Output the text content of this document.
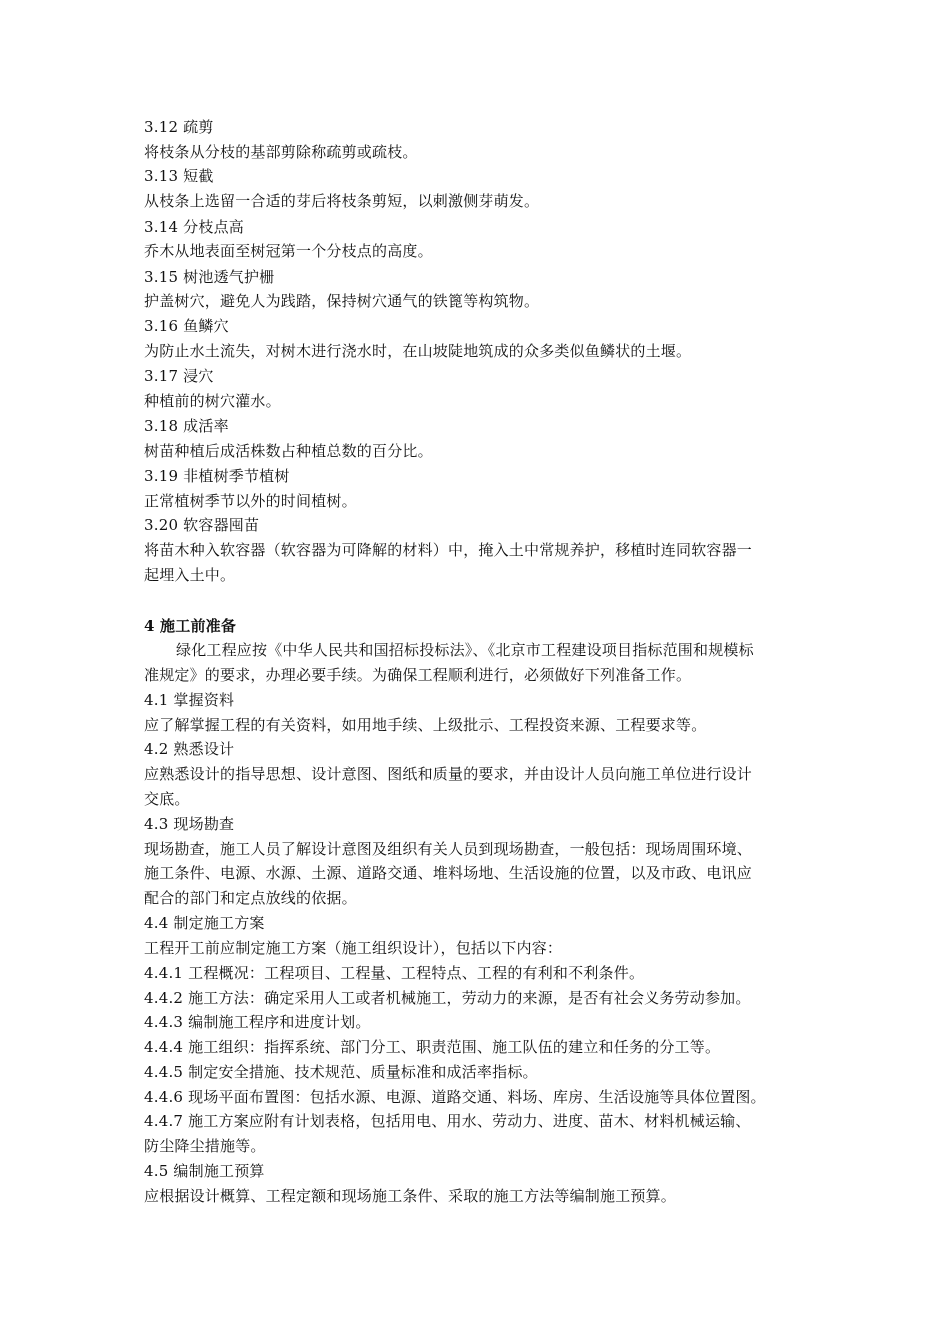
3.12 疏剪
将枝条从分枝的基部剪除称疏剪或疏枝。
3.13 短截
从枝条上选留一合适的芽后将枝条剪短，以刺激侧芽萌发。
3.14 分枝点高
乔木从地表面至树冠第一个分枝点的高度。
3.15 树池透气护栅
护盖树穴，避免人为践踏，保持树穴通气的铁篦等构筑物。
3.16 鱼鳞穴
为防止水土流失，对树木进行浇水时，在山坡陡地筑成的众多类似鱼鳞状的土堰。
3.17 浸穴
种植前的树穴灌水。
3.18 成活率
树苗种植后成活株数占种植总数的百分比。
3.19 非植树季节植树
正常植树季节以外的时间植树。
3.20 软容器囤苗
将苗木种入软容器（软容器为可降解的材料）中，掩入土中常规养护，移植时连同软容器一
起埋入土中。
4 施工前准备
绿化工程应按《中华人民共和国招标投标法》、《北京市工程建设项目指标范围和规模标
准规定》的要求，办理必要手续。为确保工程顺利进行，必须做好下列准备工作。
4.1 掌握资料
应了解掌握工程的有关资料，如用地手续、上级批示、工程投资来源、工程要求等。
4.2 熟悉设计
应熟悉设计的指导思想、设计意图、图纸和质量的要求，并由设计人员向施工单位进行设计
交底。
4.3 现场勘查
现场勘查，施工人员了解设计意图及组织有关人员到现场勘查，一般包括：现场周围环境、
施工条件、电源、水源、土源、道路交通、堆料场地、生活设施的位置，以及市政、电讯应
配合的部门和定点放线的依据。
4.4 制定施工方案
工程开工前应制定施工方案（施工组织设计），包括以下内容：
4.4.1 工程概况：工程项目、工程量、工程特点、工程的有利和不利条件。
4.4.2 施工方法：确定采用人工或者机械施工，劳动力的来源，是否有社会义务劳动参加。
4.4.3 编制施工程序和进度计划。
4.4.4 施工组织：指挥系统、部门分工、职责范围、施工队伍的建立和任务的分工等。
4.4.5 制定安全措施、技术规范、质量标准和成活率指标。
4.4.6 现场平面布置图：包括水源、电源、道路交通、料场、库房、生活设施等具体位置图。
4.4.7 施工方案应附有计划表格，包括用电、用水、劳动力、进度、苗木、材料机械运输、
防尘降尘措施等。
4.5 编制施工预算
应根据设计概算、工程定额和现场施工条件、采取的施工方法等编制施工预算。
